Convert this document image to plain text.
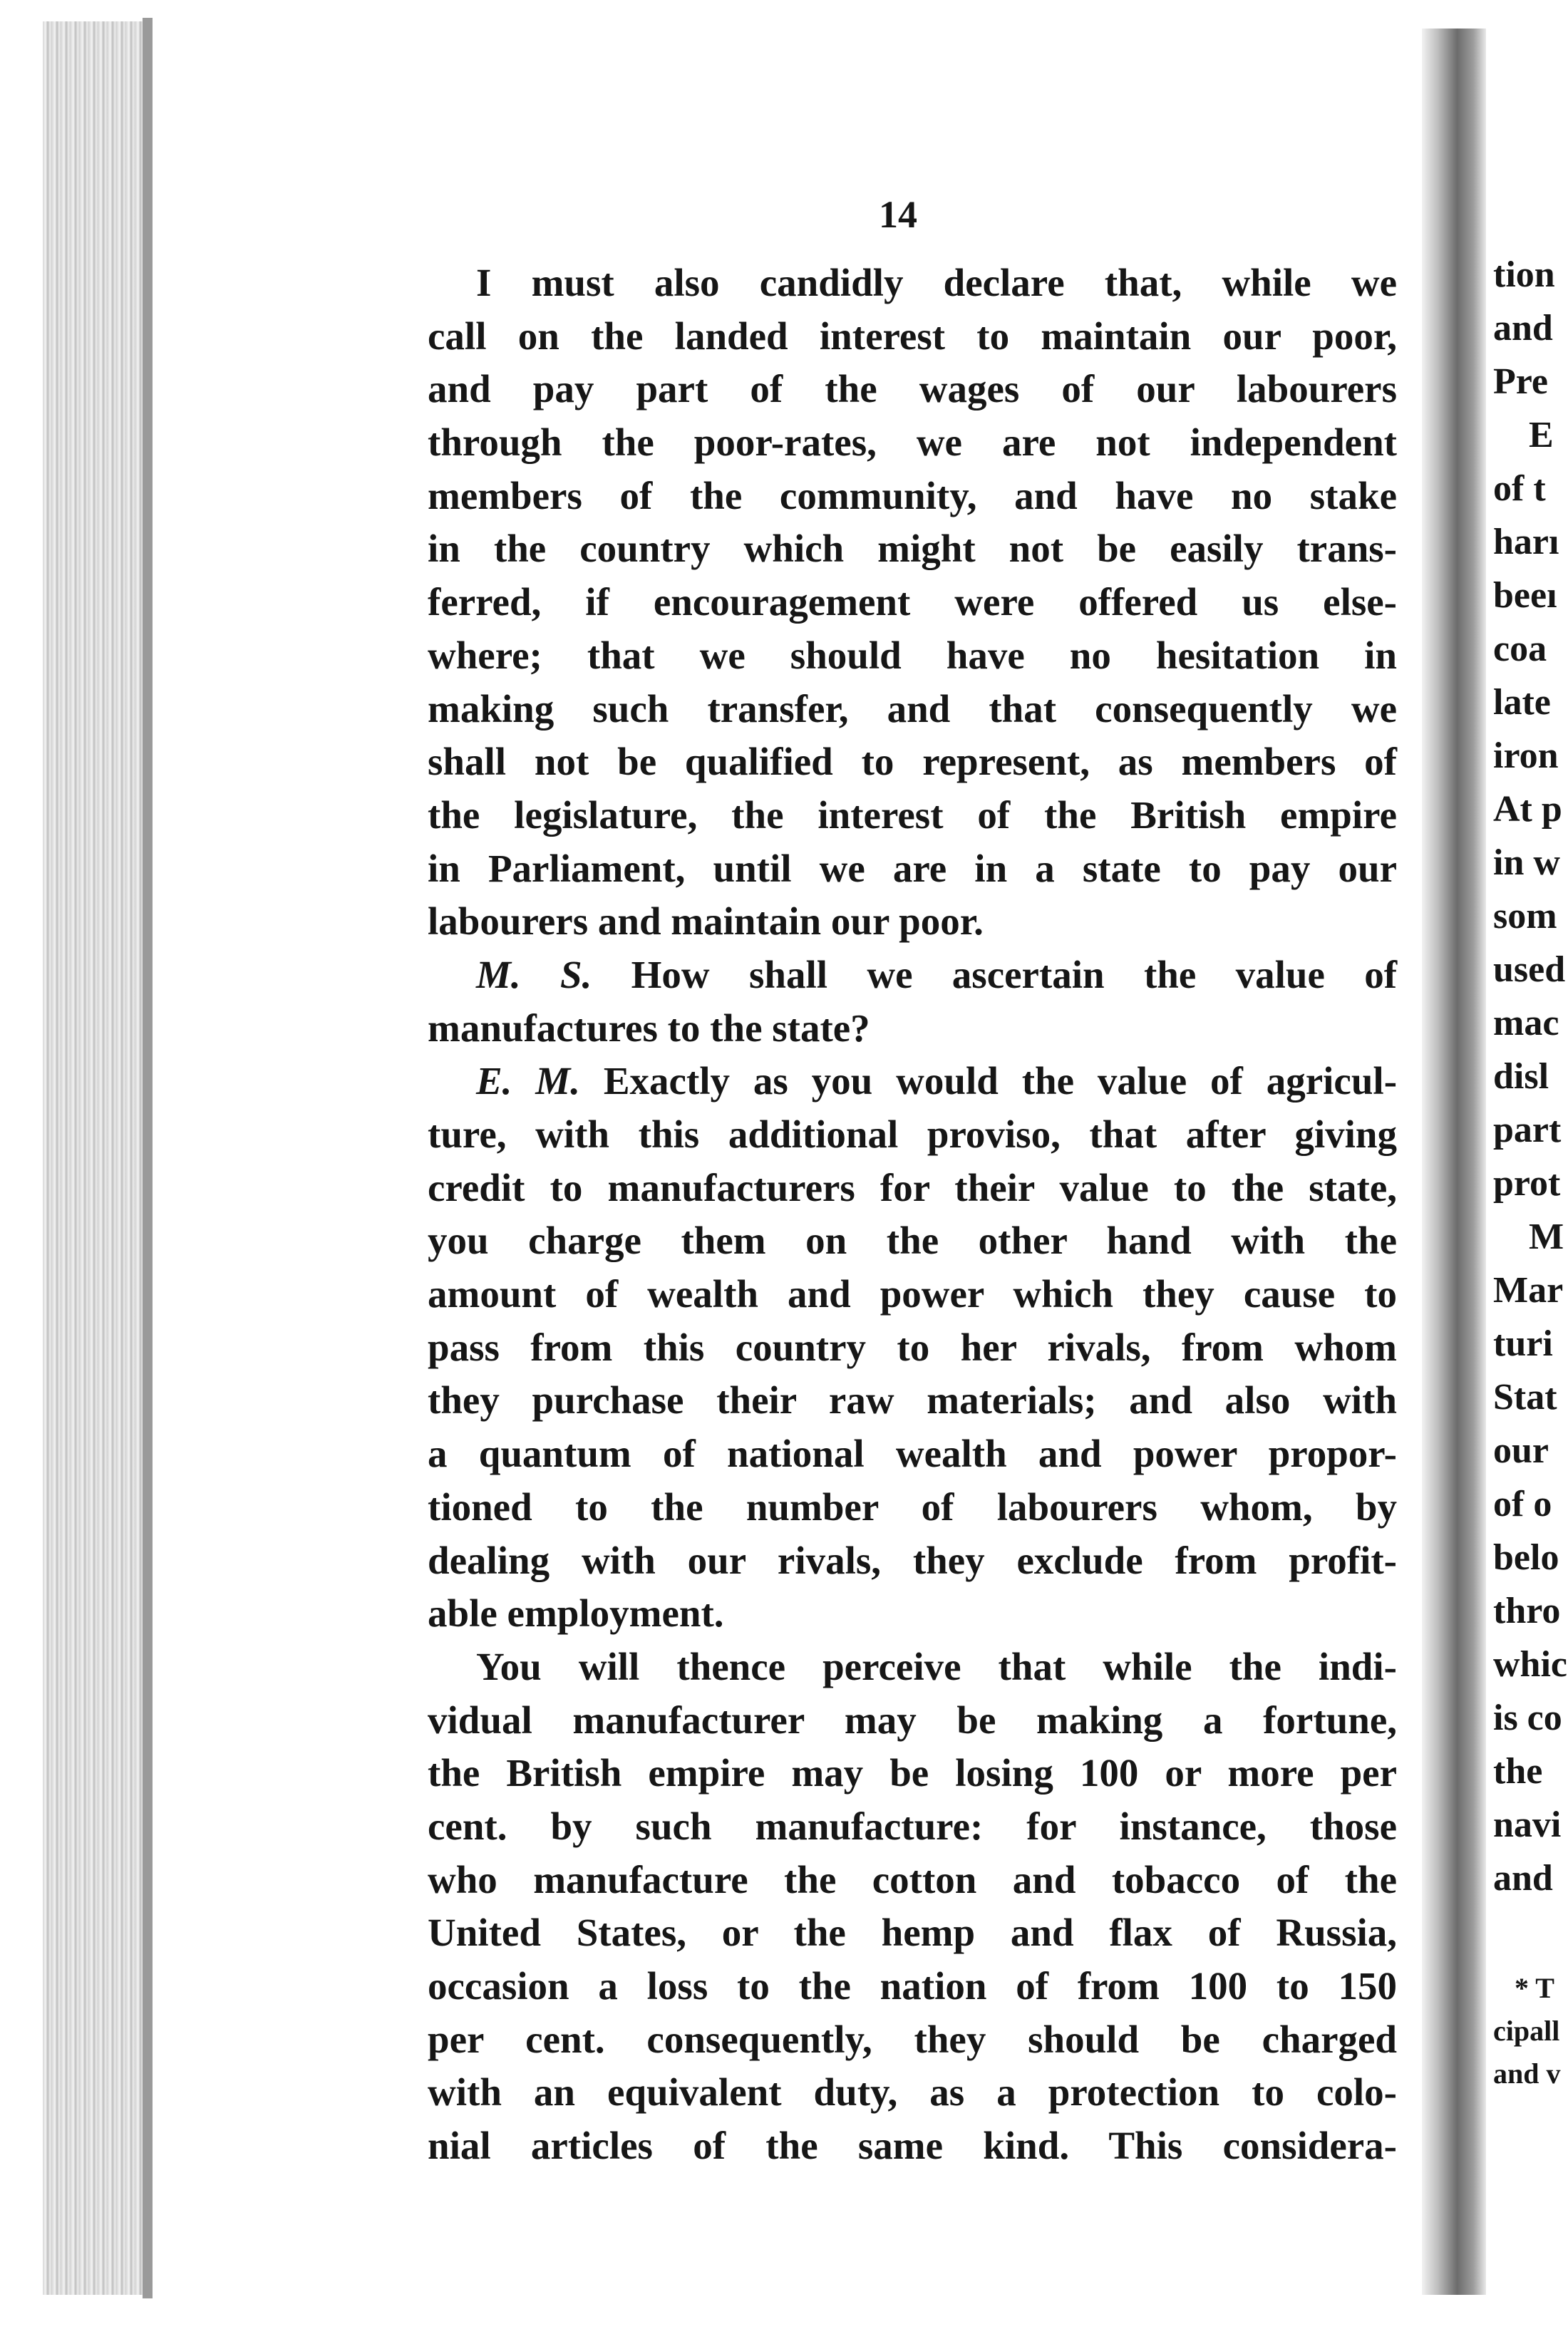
tion
and
Pre
E
of t
harı
beeı
coa
late
iron
At p
in w
som
used
mac
disl
part
prot
M
Mar
turi
Stat
our
of o
belo
thro
whic
is co
the
navi
and
* T
cipall
and v
14
I must also candidly declare that, while we
call on the landed interest to maintain our poor,
and pay part of the wages of our labourers
through the poor-rates, we are not independent
members of the community, and have no stake
in the country which might not be easily trans-
ferred, if encouragement were offered us else-
where; that we should have no hesitation in
making such transfer, and that consequently we
shall not be qualified to represent, as members of
the legislature, the interest of the British empire
in Parliament, until we are in a state to pay our
labourers and maintain our poor.
M. S. How shall we ascertain the value of
manufactures to the state?
E. M. Exactly as you would the value of agricul-
ture, with this additional proviso, that after giving
credit to manufacturers for their value to the state,
you charge them on the other hand with the
amount of wealth and power which they cause to
pass from this country to her rivals, from whom
they purchase their raw materials; and also with
a quantum of national wealth and power propor-
tioned to the number of labourers whom, by
dealing with our rivals, they exclude from profit-
able employment.
You will thence perceive that while the indi-
vidual manufacturer may be making a fortune,
the British empire may be losing 100 or more per
cent. by such manufacture: for instance, those
who manufacture the cotton and tobacco of the
United States, or the hemp and flax of Russia,
occasion a loss to the nation of from 100 to 150
per cent. consequently, they should be charged
with an equivalent duty, as a protection to colo-
nial articles of the same kind. This considera-
